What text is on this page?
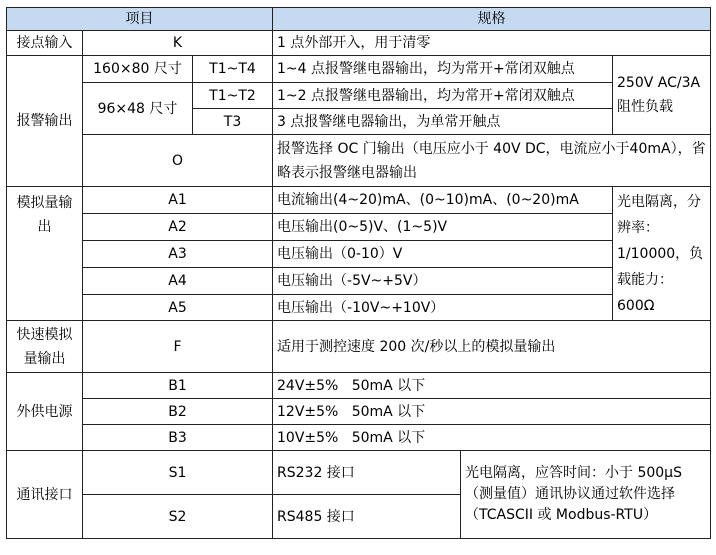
项目			规格		
接点输入	K		1 点外部开入，用于清零		
报警输出	160×80 尺寸	T1~T4	1~4 点报警继电器输出，均为常开+常闭双触点		250V AC/3A 阻性负载
	96×48 尺寸	T1~T2	1~2 点报警继电器输出，均为常开+常闭双触点		
		T3	3 点报警继电器输出，为单常开触点		
	O		报警选择 OC 门输出（电压应小于 40V DC，电流应小于40mA），省略表示报警继电器输出		
模拟量输出	A1		电流输出(4~20)mA、(0~10)mA、(0~20)mA		光电隔离，分辨率：1/10000，负载能力：600Ω
	A2		电压输出(0~5)V、(1~5)V		
	A3		电压输出（0-10）V		
	A4		电压输出（-5V~+5V）		
	A5		电压输出（-10V~+10V）		
快速模拟量输出	F		适用于测控速度 200 次/秒以上的模拟量输出		
外供电源	B1		24V±5%   50mA 以下		
	B2		12V±5%   50mA 以下		
	B3		10V±5%   50mA 以下		
通讯接口	S1		RS232 接口	光电隔离，应答时间：小于 500μS（测量值）通讯协议通过软件选择（TCASCII 或 Modbus-RTU）	
	S2		RS485 接口		
